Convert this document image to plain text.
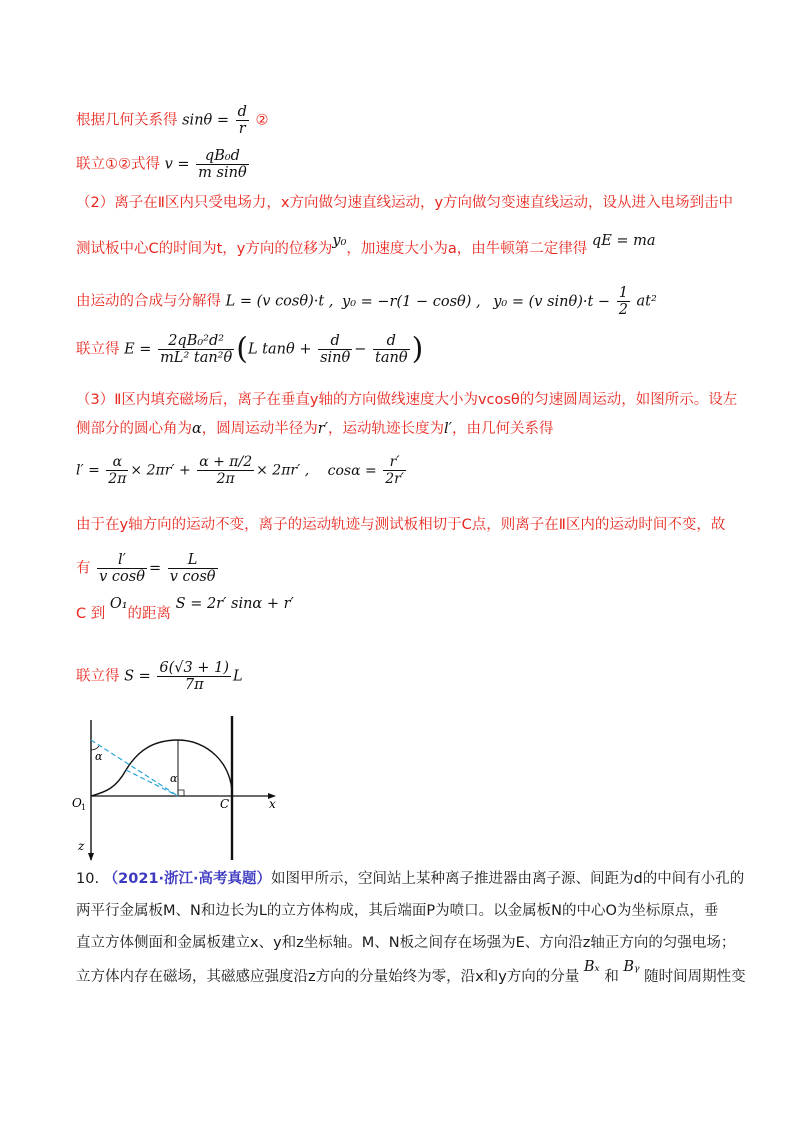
根据几何关系得 $\sin\theta = \frac{d}{r}$ ②
联立①②式得 $v = \frac{\text{qB₀d}}{\text{m sinθ}}$
（2）离子在Ⅱ区内只受电场力，x方向做匀速直线运动，y方向做匀变速直线运动，设从进入电场到击中
测试板中心C的时间为t，y方向的位移为y₀，加速度大小为a，由牛顿第二定律得 qE = ma
由运动的合成与分解得 L = (v cosθ)·t , y₀ = −r(1 − cosθ) , y₀ = (v $\sin\theta)\cdot t - \frac{1}{2} at^2$
联立得 $E = \frac{\text{2qB₀²d²}}{\text{mL² tan²θ}} (L$ $\tan\theta + \frac{d}{\sin\theta} - \frac{d}{\tan\theta}$ )
（3）Ⅱ区内填充磁场后，离子在垂直y轴的方向做线速度大小为vcosθ的匀速圆周运动，如图所示。设左
侧部分的圆心角为α，圆周运动半径为r′，运动轨迹长度为l′，由几何关系得
$l' = \frac{\alpha}{2\pi} \times 2\pi r' + \frac{\alpha + \pi/2}{2\pi} \times 2\pi r'$ , $\cos\alpha = \frac{r'}{2r'}$
由于在y轴方向的运动不变，离子的运动轨迹与测试板相切于C点，则离子在Ⅱ区内的运动时间不变，故
有 $\frac{l'}{\text{v cosθ}} = \frac{L}{\text{v cosθ}}$
C 到 O₁的距离 S = 2r′ sinα + r′
联立得 $S = \frac{6(√3 + 1)}{7\pi}$ L
α
α
O 1	C	x
z
10. （2021·浙江·高考真题）如图甲所示，空间站上某种离子推进器由离子源、间距为d的中间有小孔的
两平行金属板M、N和边长为L的立方体构成，其后端面P为喷口。以金属板N的中心O为坐标原点，垂
直立方体侧面和金属板建立x、y和z坐标轴。M、N板之间存在场强为E、方向沿z轴正方向的匀强电场；
立方体内存在磁场，其磁感应强度沿z方向的分量始终为零，沿x和y方向的分量 Bₓ 和 Bᵧ 随时间周期性变
